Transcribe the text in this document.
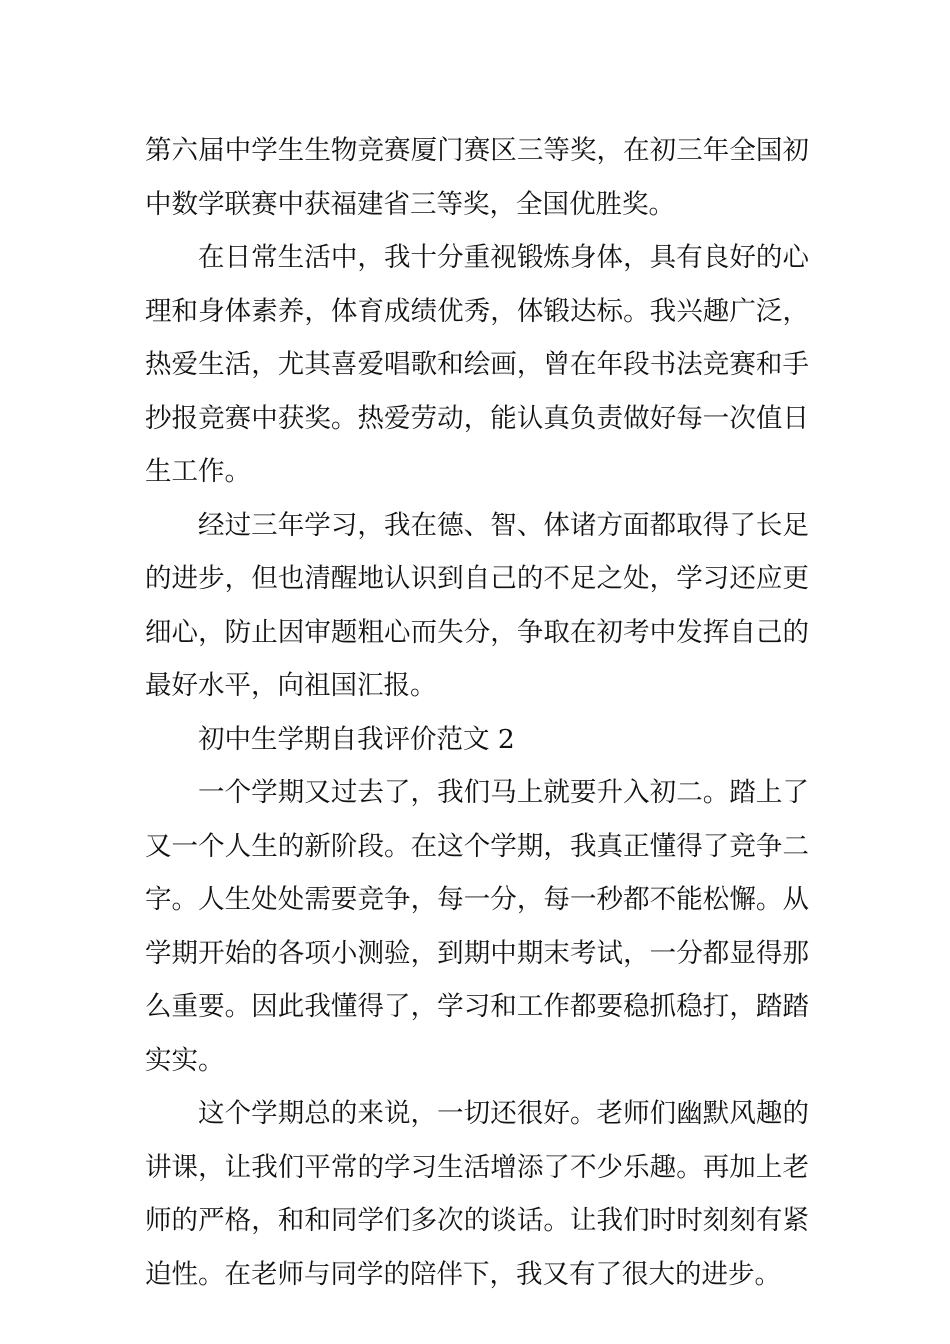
第六届中学生生物竞赛厦门赛区三等奖，在初三年全国初中数学联赛中获福建省三等奖，全国优胜奖。

在日常生活中，我十分重视锻炼身体，具有良好的心理和身体素养，体育成绩优秀，体锻达标。我兴趣广泛，热爱生活，尤其喜爱唱歌和绘画，曾在年段书法竞赛和手抄报竞赛中获奖。热爱劳动，能认真负责做好每一次值日生工作。

经过三年学习，我在德、智、体诸方面都取得了长足的进步，但也清醒地认识到自己的不足之处，学习还应更细心，防止因审题粗心而失分，争取在初考中发挥自己的最好水平，向祖国汇报。

初中生学期自我评价范文 2

一个学期又过去了，我们马上就要升入初二。踏上了又一个人生的新阶段。在这个学期，我真正懂得了竞争二字。人生处处需要竞争，每一分，每一秒都不能松懈。从学期开始的各项小测验，到期中期末考试，一分都显得那么重要。因此我懂得了，学习和工作都要稳抓稳打，踏踏实实。

这个学期总的来说，一切还很好。老师们幽默风趣的讲课，让我们平常的学习生活增添了不少乐趣。再加上老师的严格，和和同学们多次的谈话。让我们时时刻刻有紧迫性。在老师与同学的陪伴下，我又有了很大的进步。
